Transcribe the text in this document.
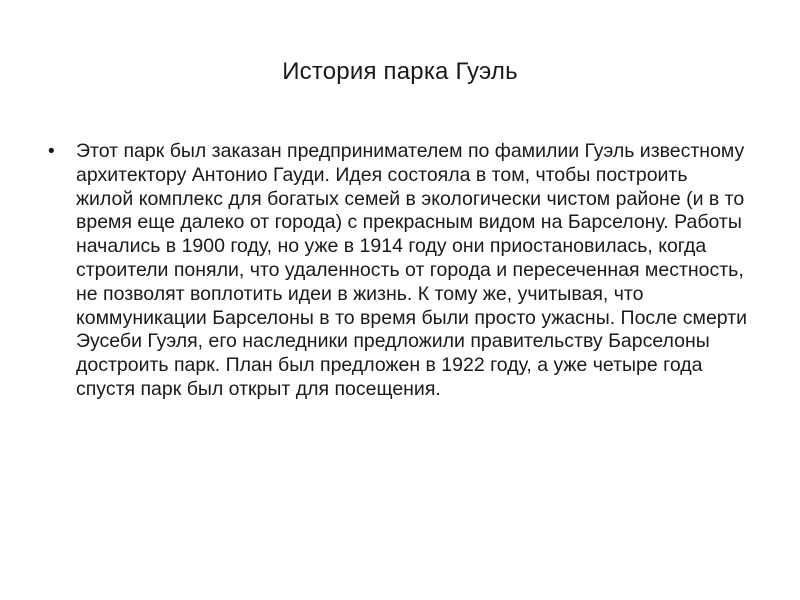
История парка Гуэль
• Этот парк был заказан предпринимателем по фамилии Гуэль известному архитектору Антонио Гауди. Идея состояла в том, чтобы построить жилой комплекс для богатых семей в экологически чистом районе (и в то время еще далеко от города) с прекрасным видом на Барселону. Работы начались в 1900 году, но уже в 1914 году они приостановилась, когда строители поняли, что удаленность от города и пересеченная местность, не позволят воплотить идеи в жизнь. К тому же, учитывая, что коммуникации Барселоны в то время были просто ужасны. После смерти Эусеби Гуэля, его наследники предложили правительству Барселоны достроить парк. План был предложен в 1922 году, а уже четыре года спустя парк был открыт для посещения.
